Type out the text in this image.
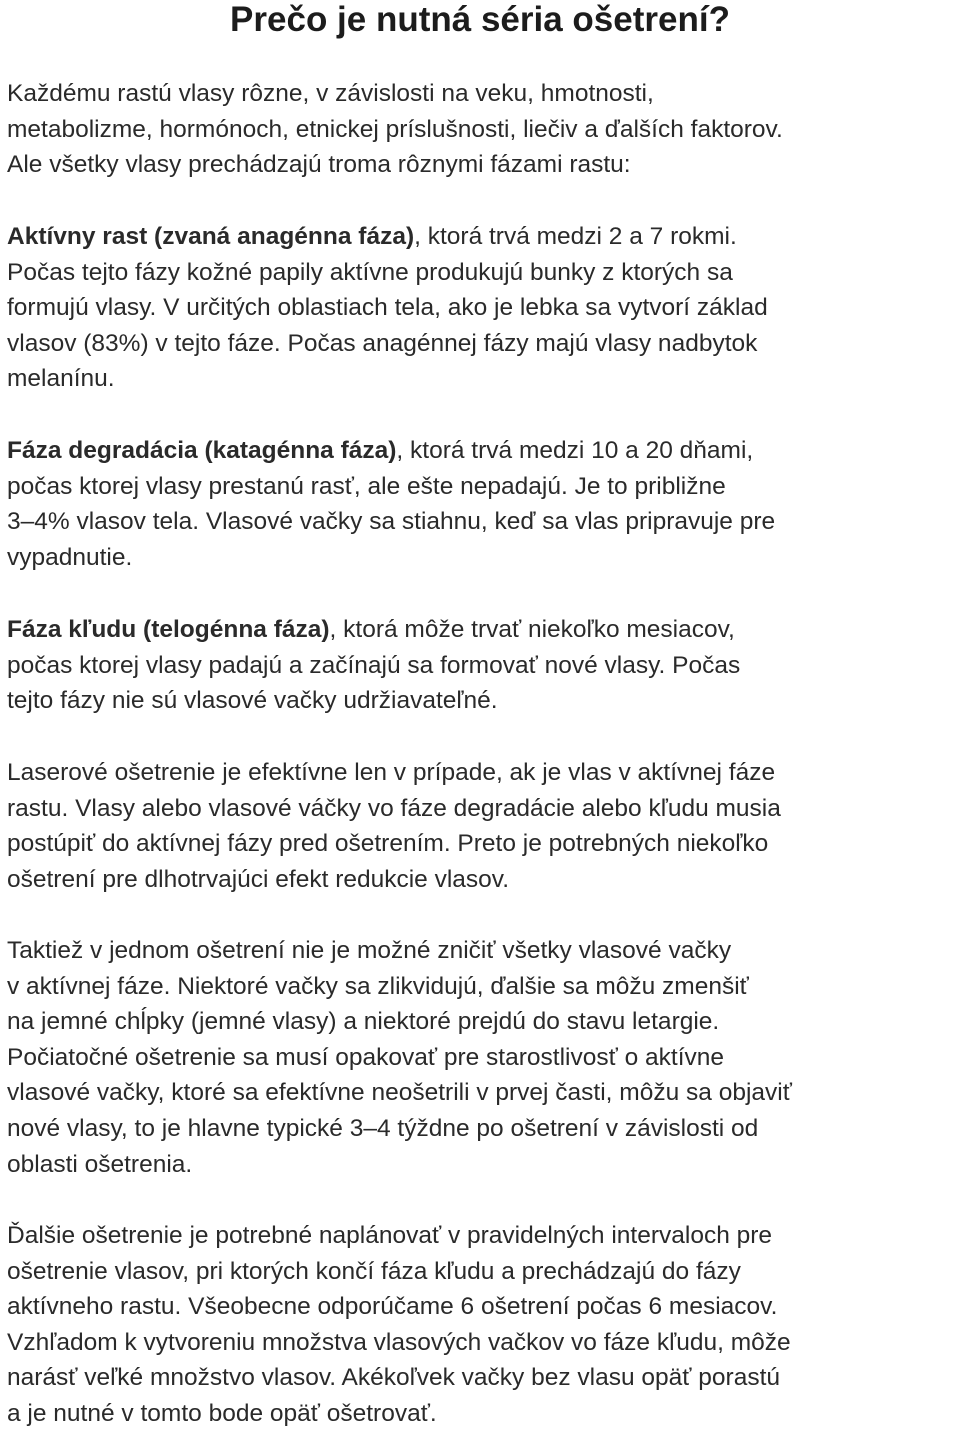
Prečo je nutná séria ošetrení?

Každému rastú vlasy rôzne, v závislosti na veku, hmotnosti,
metabolizme, hormónoch, etnickej príslušnosti, liečiv a ďalších faktorov.
Ale všetky vlasy prechádzajú troma rôznymi fázami rastu:

Aktívny rast (zvaná anagénna fáza), ktorá trvá medzi 2 a 7 rokmi.
Počas tejto fázy kožné papily aktívne produkujú bunky z ktorých sa
formujú vlasy. V určitých oblastiach tela, ako je lebka sa vytvorí základ
vlasov (83%) v tejto fáze. Počas anagénnej fázy majú vlasy nadbytok
melanínu.

Fáza degradácia (katagénna fáza), ktorá trvá medzi 10 a 20 dňami,
počas ktorej vlasy prestanú rasť, ale ešte nepadajú. Je to približne
3–4% vlasov tela. Vlasové vačky sa stiahnu, keď sa vlas pripravuje pre
vypadnutie.

Fáza kľudu (telogénna fáza), ktorá môže trvať niekoľko mesiacov,
počas ktorej vlasy padajú a začínajú sa formovať nové vlasy. Počas
tejto fázy nie sú vlasové vačky udržiavateľné.

Laserové ošetrenie je efektívne len v prípade, ak je vlas v aktívnej fáze
rastu. Vlasy alebo vlasové váčky vo fáze degradácie alebo kľudu musia
postúpiť do aktívnej fázy pred ošetrením. Preto je potrebných niekoľko
ošetrení pre dlhotrvajúci efekt redukcie vlasov.

Taktiež v jednom ošetrení nie je možné zničiť všetky vlasové vačky
v aktívnej fáze. Niektoré vačky sa zlikvidujú, ďalšie sa môžu zmenšiť
na jemné chĺpky (jemné vlasy) a niektoré prejdú do stavu letargie.
Počiatočné ošetrenie sa musí opakovať pre starostlivosť o aktívne
vlasové vačky, ktoré sa efektívne neošetrili v prvej časti, môžu sa objaviť
nové vlasy, to je hlavne typické 3–4 týždne po ošetrení v závislosti od
oblasti ošetrenia.

Ďalšie ošetrenie je potrebné naplánovať v pravidelných intervaloch pre
ošetrenie vlasov, pri ktorých končí fáza kľudu a prechádzajú do fázy
aktívneho rastu. Všeobecne odporúčame 6 ošetrení počas 6 mesiacov.
Vzhľadom k vytvoreniu množstva vlasových vačkov vo fáze kľudu, môže
narásť veľké množstvo vlasov. Akékoľvek vačky bez vlasu opäť porastú
a je nutné v tomto bode opäť ošetrovať.
